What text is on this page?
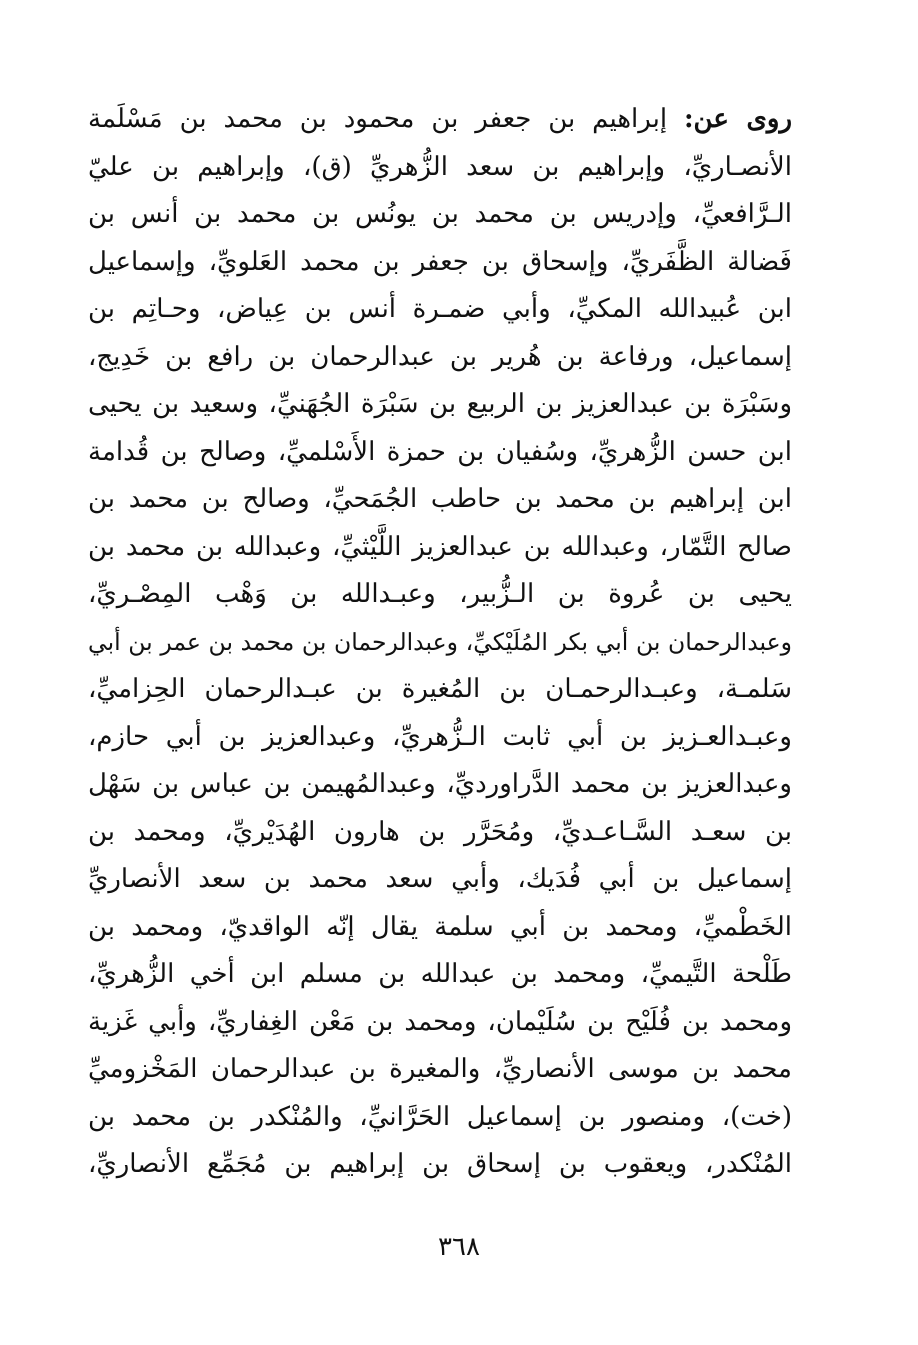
روى عن: إبراهيم بن جعفر بن محمود بن محمد بن مَسْلَمة
الأنصـاريِّ، وإبراهيم بن سعد الزُّهريِّ (ق)، وإبراهيم بن عليّ
الـرَّافعيِّ، وإدريس بن محمد بن يونُس بن محمد بن أنس بن
فَضالة الظَّفَريِّ، وإسحاق بن جعفر بن محمد العَلويِّ، وإسماعيل
ابن عُبيدالله المكيِّ، وأبي ضمـرة أنس بن عِياض، وحـاتِم بن
إسماعيل، ورفاعة بن هُرير بن عبدالرحمان بن رافع بن خَدِيج،
وسَبْرَة بن عبدالعزيز بن الربيع بن سَبْرَة الجُهَنيِّ، وسعيد بن يحيى
ابن حسن الزُّهريِّ، وسُفيان بن حمزة الأَسْلميِّ، وصالح بن قُدامة
ابن إبراهيم بن محمد بن حاطب الجُمَحيِّ، وصالح بن محمد بن
صالح التَّمّار، وعبدالله بن عبدالعزيز اللَّيْثيِّ، وعبدالله بن محمد بن
يحيى بن عُروة بن الـزُّبير، وعبـدالله بن وَهْب المِصْـريِّ،
وعبدالرحمان بن أبي بكر المُلَيْكيِّ، وعبدالرحمان بن محمد بن عمر بن أبي
سَلمـة، وعبـدالرحمـان بن المُغيرة بن عبـدالرحمان الحِزاميِّ،
وعبـدالعـزيز بن أبي ثابت الـزُّهريِّ، وعبدالعزيز بن أبي حازم،
وعبدالعزيز بن محمد الدَّراورديِّ، وعبدالمُهيمن بن عباس بن سَهْل
بن سعـد السَّـاعـديِّ، ومُحَرَّر بن هارون الهُدَيْريِّ، ومحمد بن
إسماعيل بن أبي فُدَيك، وأبي سعد محمد بن سعد الأنصاريِّ
الخَطْميِّ، ومحمد بن أبي سلمة يقال إنّه الواقديّ، ومحمد بن
طَلْحة التَّيميِّ، ومحمد بن عبدالله بن مسلم ابن أخي الزُّهريِّ،
ومحمد بن فُلَيْح بن سُلَيْمان، ومحمد بن مَعْن الغِفاريِّ، وأبي غَزية
محمد بن موسى الأنصاريِّ، والمغيرة بن عبدالرحمان المَخْزوميِّ
(خت)، ومنصور بن إسماعيل الحَرَّانيِّ، والمُنْكدر بن محمد بن
المُنْكدر، ويعقوب بن إسحاق بن إبراهيم بن مُجَمِّع الأنصاريِّ،
٣٦٨
